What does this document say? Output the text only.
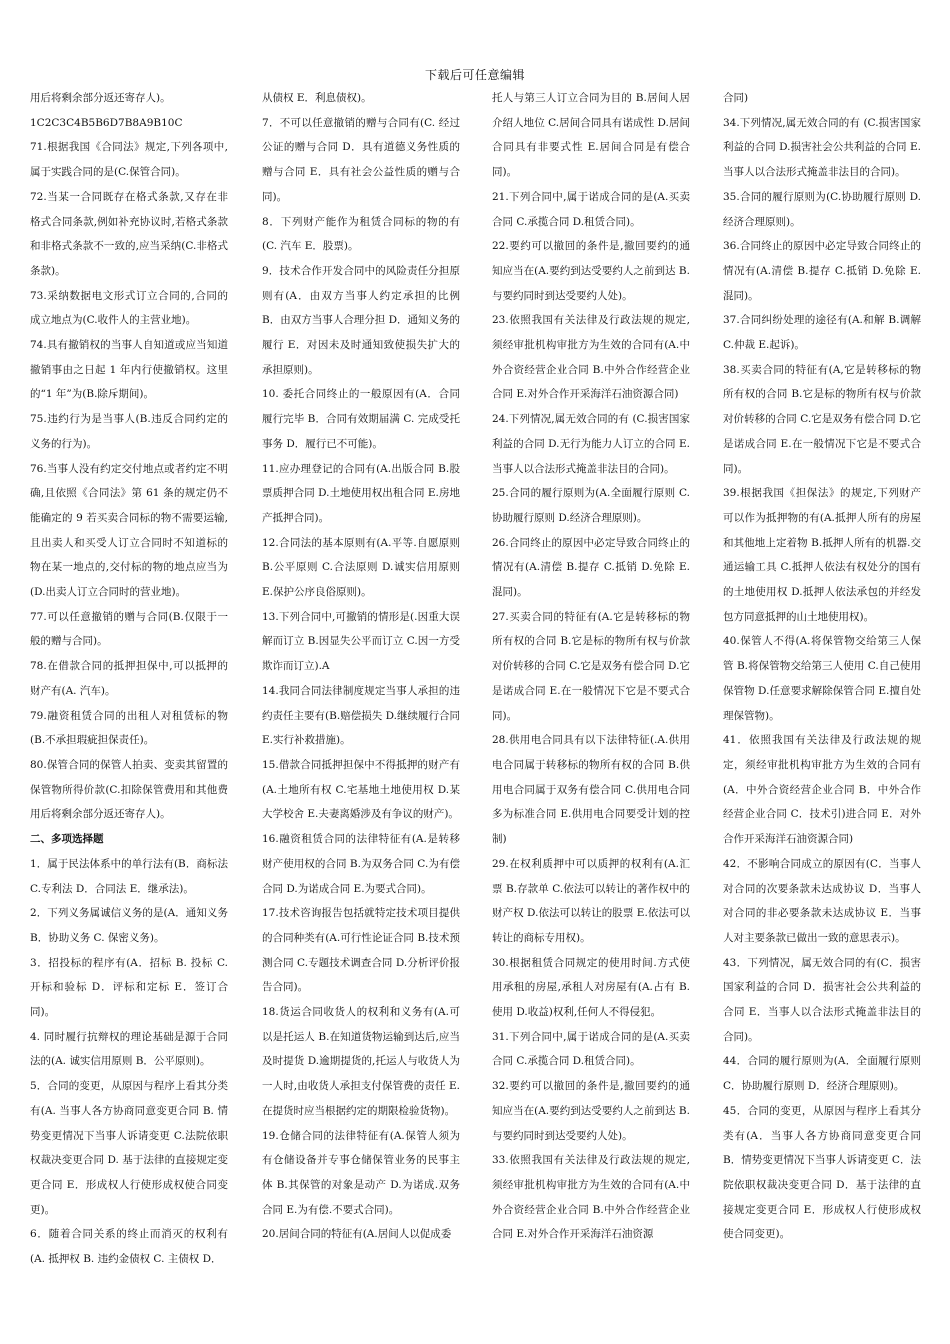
下载后可任意编辑

用后将剩余部分返还寄存人)。

1C2C3C4B5B6D7B8A9B10C

71.根据我国《合同法》规定,下列各项中,属于实践合同的是(C.保管合同)。

72.当某一合同既存在格式条款,又存在非格式合同条款,例如补充协议时,若格式条款和非格式条款不一致的,应当采纳(C.非格式条款)。

73.采纳数据电文形式订立合同的,合同的成立地点为(C.收件人的主营业地)。

74.具有撤销权的当事人自知道或应当知道撤销事由之日起 1 年内行使撤销权。这里的“1 年”为(B.除斥期间)。

75.违约行为是当事人(B.违反合同约定的义务的行为)。

76.当事人没有约定交付地点或者约定不明确,且依照《合同法》第 61 条的规定仍不能确定的 9 若买卖合同标的物不需要运输,且出卖人和买受人订立合同时不知道标的物在某一地点的,交付标的物的地点应当为(D.出卖人订立合同时的营业地)。

77.可以任意撤销的赠与合同(B.仅限于一般的赠与合同)。

78.在借款合同的抵押担保中,可以抵押的财产有(A. 汽车)。

79.融资租赁合同的出租人对租赁标的物(B.不承担瑕疵担保责任)。

80.保管合同的保管人拍卖、变卖其留置的保管物所得价款(C.扣除保管费用和其他费用后将剩余部分返还寄存人)。

二、多项选择题

1．属于民法体系中的单行法有(B．商标法 C.专利法 D．合同法 E．继承法)。

2．下列义务属诚信义务的是(A．通知义务 B．协助义务 C. 保密义务)。

3．招投标的程序有(A．招标 B. 投标 C. 开标和验标 D．评标和定标 E．签订合同)。

4. 同时履行抗辩权的理论基础是源于合同法的(A. 诚实信用原则 B．公平原则)。

5．合同的变更，从原因与程序上看其分类有(A. 当事人各方协商同意变更合同 B. 情势变更情况下当事人诉请变更 C.法院依职权裁决变更合同 D. 基于法律的直接规定变更合同 E．形成权人行使形成权使合同变更)。

6．随着合同关系的终止而消灭的权利有(A. 抵押权 B. 违约金债权 C. 主债权 D．

从债权 E．利息债权)。

7．不可以任意撤销的赠与合同有(C. 经过公证的赠与合同 D．具有道德义务性质的赠与合同 E．具有社会公益性质的赠与合同)。

8．下列财产能作为租赁合同标的物的有(C. 汽车 E．股票)。

9．技术合作开发合同中的风险责任分担原则有(A．由双方当事人约定承担的比例 B．由双方当事人合理分担 D．通知义务的履行 E．对因未及时通知致使损失扩大的承担原则)。

10. 委托合同终止的一般原因有(A．合同履行完毕 B．合同有效期届满 C. 完成受托事务 D．履行已不可能)。

11.应办理登记的合同有(A.出版合同 B.股票质押合同 D.土地使用权出租合同 E.房地产抵押合同)。

12.合同法的基本原则有(A.平等.自愿原则 B.公平原则 C.合法原则 D.诚实信用原则 E.保护公序良俗原则)。

13.下列合同中,可撤销的情形是(.因重大误解而订立 B.因显失公平而订立 C.因一方受欺诈而订立).A

14.我同合同法律制度规定当事人承担的违约责任主要有(B.赔偿损失 D.继续履行合同 E.实行补救措施)。

15.借款合同抵押担保中不得抵押的财产有 (A.土地所有权 C.宅基地土地使用权 D.某大学校舍 E.夫妻离婚涉及有争议的财产)。

16.融资租赁合同的法律特征有(A.是转移财产使用权的合同 B.为双务合同 C.为有偿合同 D.为诺成合同 E.为要式合同)。

17.技术咨询报告包括就特定技术项目提供的合同种类有(A.可行性论证合同 B.技术预测合同 C.专题技术调查合同 D.分析评价报告合同)。

18.货运合同收货人的权利和义务有(A.可以是托运人 B.在知道货物运输到达后,应当及时提货 D.逾期提货的,托运人与收货人为一人时,由收货人承担支付保管费的责任 E.在提货时应当根据约定的期限检验货物)。

19.仓储合同的法律特征有(A.保管人须为有仓储设备并专事仓储保管业务的民事主体 B.其保管的对象是动产 D.为诺成.双务合同 E.为有偿.不要式合同)。

20.居间合同的特征有(A.居间人以促成委

托人与第三人订立合同为目的 B.居间人居介绍人地位 C.居间合同具有诺成性 D.居间合同具有非要式性 E.居间合同是有偿合同)。

21.下列合同中,属于诺成合同的是(A.买卖合同 C.承揽合同 D.租赁合同)。

22.要约可以撤回的条件是,撤回要约的通知应当在(A.要约到达受要约人之前到达 B.与要约同时到达受要约人处)。

23.依照我国有关法律及行政法规的规定,须经审批机构审批方为生效的合同有(A.中外合资经营企业合同 B.中外合作经营企业合同 E.对外合作开采海洋石油资源合同)

24.下列情况,属无效合同的有 (C.损害国家利益的合同 D.无行为能力人订立的合同 E.当事人以合法形式掩盖非法目的合同)。

25.合同的履行原则为(A.全面履行原则 C.协助履行原则 D.经济合理原则)。

26.合同终止的原因中必定导致合同终止的情况有(A.清偿 B.提存 C.抵销 D.免除 E.混同)。

27.买卖合同的特征有(A.它是转移标的物所有权的合同 B.它是标的物所有权与价款对价转移的合同 C.它是双务有偿合同 D.它是诺成合同 E.在一般情况下它是不要式合同)。

28.供用电合同具有以下法律特征(.A.供用电合同属于转移标的物所有权的合同 B.供用电合同属于双务有偿合同 C.供用电合同多为标准合同 E.供用电合同要受计划的控制)

29.在权利质押中可以质押的权利有(A.汇票 B.存款单 C.依法可以转让的著作权中的财产权 D.依法可以转让的股票 E.依法可以转让的商标专用权)。

30.根据租赁合同规定的使用时间.方式使用承租的房屋,承租人对房屋有(A.占有 B.使用 D.收益)权利,任何人不得侵犯。

31.下列合同中,属于诺成合同的是(A.买卖合同 C.承揽合同 D.租赁合同)。

32.要约可以撤回的条件是,撤回要约的通知应当在(A.要约到达受要约人之前到达 B.与要约同时到达受要约人处)。

33.依照我国有关法律及行政法规的规定,须经审批机构审批方为生效的合同有(A.中外合资经营企业合同 B.中外合作经营企业合同 E.对外合作开采海洋石油资源

合同)

34.下列情况,属无效合同的有 (C.损害国家利益的合同 D.损害社会公共利益的合同 E.当事人以合法形式掩盖非法目的合同)。

35.合同的履行原则为(C.协助履行原则 D.经济合理原则)。

36.合同终止的原因中必定导致合同终止的情况有(A.清偿 B.提存 C.抵销 D.免除 E.混同)。

37.合同纠纷处理的途径有(A.和解 B.调解 C.仲裁 E.起诉)。

38.买卖合同的特征有(A,它是转移标的物所有权的合同 B.它是标的物所有权与价款对价转移的合同 C.它是双务有偿合同 D.它是诺成合同 E.在一般情况下它是不要式合同)。

39.根据我国《担保法》的规定,下列财产可以作为抵押物的有(A.抵押人所有的房屋和其他地上定着物 B.抵押人所有的机器.交通运输工具 C.抵押人依法有权处分的国有的土地使用权 D.抵押人依法承包的并经发包方同意抵押的山土地使用权)。

40.保管人不得(A.将保管物交给第三人保管 B.将保管物交给第三人使用 C.自己使用保管物 D.任意要求解除保管合同 E.擅自处理保管物)。

41．依照我国有关法律及行政法规的规定，须经审批机构审批方为生效的合同有(A．中外合资经营企业合同 B．中外合作经营企业合同 C．技术引)进合同 E．对外合作开采海洋石油资源合同)

42．不影响合同成立的原因有(C．当事人对合同的次要条款未达成协议 D．当事人对合同的非必要条款未达成协议 E．当事人对主要条款已做出一致的意思表示)。

43．下列情况，属无效合同的有(C．损害国家利益的合同 D．损害社会公共利益的合同 E．当事人以合法形式掩盖非法目的合同)。

44．合同的履行原则为(A．全面履行原则 C．协助履行原则 D．经济合理原则)。

45．合同的变更，从原因与程序上看其分类有(A．当事人各方协商同意变更合同 B．情势变更情况下当事人诉请变更 C．法院依职权裁决变更合同 D．基于法律的直接规定变更合同 E．形成权人行使形成权使合同变更)。
